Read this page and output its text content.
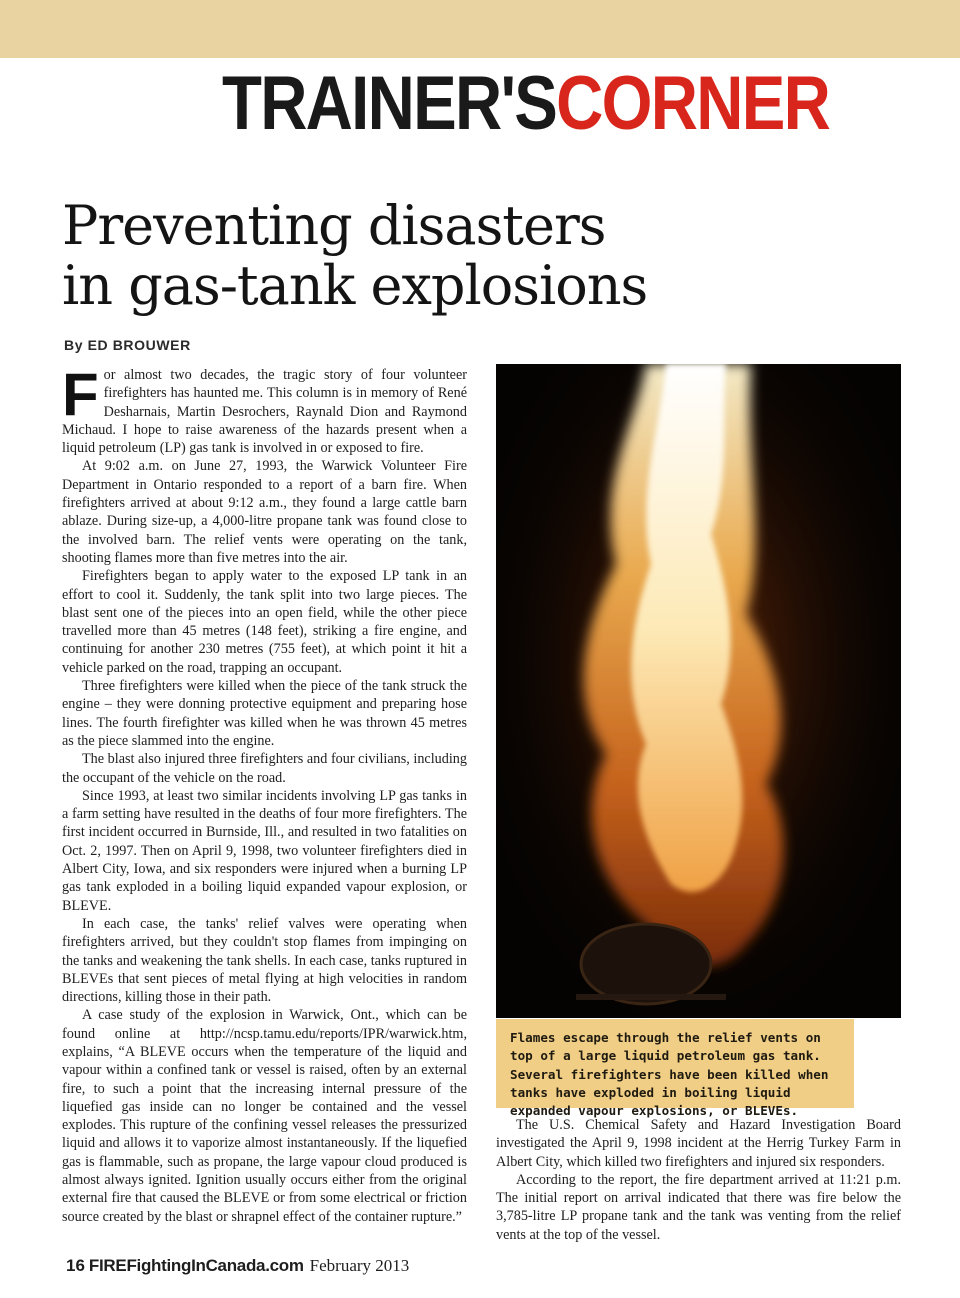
TRAINER'SCORNER
Preventing disasters
in gas-tank explosions
By ED BROUWER

For almost two decades, the tragic story of four volunteer firefighters has haunted me. This column is in memory of René Desharnais, Martin Desrochers, Raynald Dion and Raymond Michaud. I hope to raise awareness of the hazards present when a liquid petroleum (LP) gas tank is involved in or exposed to fire.

At 9:02 a.m. on June 27, 1993, the Warwick Volunteer Fire Department in Ontario responded to a report of a barn fire. When firefighters arrived at about 9:12 a.m., they found a large cattle barn ablaze. During size-up, a 4,000-litre propane tank was found close to the involved barn. The relief vents were operating on the tank, shooting flames more than five metres into the air.

Firefighters began to apply water to the exposed LP tank in an effort to cool it. Suddenly, the tank split into two large pieces. The blast sent one of the pieces into an open field, while the other piece travelled more than 45 metres (148 feet), striking a fire engine, and continuing for another 230 metres (755 feet), at which point it hit a vehicle parked on the road, trapping an occupant.

Three firefighters were killed when the piece of the tank struck the engine – they were donning protective equipment and preparing hose lines. The fourth firefighter was killed when he was thrown 45 metres as the piece slammed into the engine.

The blast also injured three firefighters and four civilians, including the occupant of the vehicle on the road.

Since 1993, at least two similar incidents involving LP gas tanks in a farm setting have resulted in the deaths of four more firefighters. The first incident occurred in Burnside, Ill., and resulted in two fatalities on Oct. 2, 1997. Then on April 9, 1998, two volunteer firefighters died in Albert City, Iowa, and six responders were injured when a burning LP gas tank exploded in a boiling liquid expanded vapour explosion, or BLEVE.

In each case, the tanks' relief valves were operating when firefighters arrived, but they couldn't stop flames from impinging on the tanks and weakening the tank shells. In each case, tanks ruptured in BLEVEs that sent pieces of metal flying at high velocities in random directions, killing those in their path.

A case study of the explosion in Warwick, Ont., which can be found online at http://ncsp.tamu.edu/reports/IPR/warwick.htm, explains, “A BLEVE occurs when the temperature of the liquid and vapour within a confined tank or vessel is raised, often by an external fire, to such a point that the increasing internal pressure of the liquefied gas inside can no longer be contained and the vessel explodes. This rupture of the confining vessel releases the pressurized liquid and allows it to vaporize almost instantaneously. If the liquefied gas is flammable, such as propane, the large vapour cloud produced is almost always ignited. Ignition usually occurs either from the original external fire that caused the BLEVE or from some electrical or friction source created by the blast or shrapnel effect of the container rupture.”

Flames escape through the relief vents on top of a large liquid petroleum gas tank. Several firefighters have been killed when tanks have exploded in boiling liquid expanded vapour explosions, or BLEVEs.

The U.S. Chemical Safety and Hazard Investigation Board investigated the April 9, 1998 incident at the Herrig Turkey Farm in Albert City, which killed two firefighters and injured six responders.

According to the report, the fire department arrived at 11:21 p.m. The initial report on arrival indicated that there was fire below the 3,785-litre LP propane tank and the tank was venting from the relief vents at the top of the vessel.

16 FIREFightingInCanada.com February 2013
